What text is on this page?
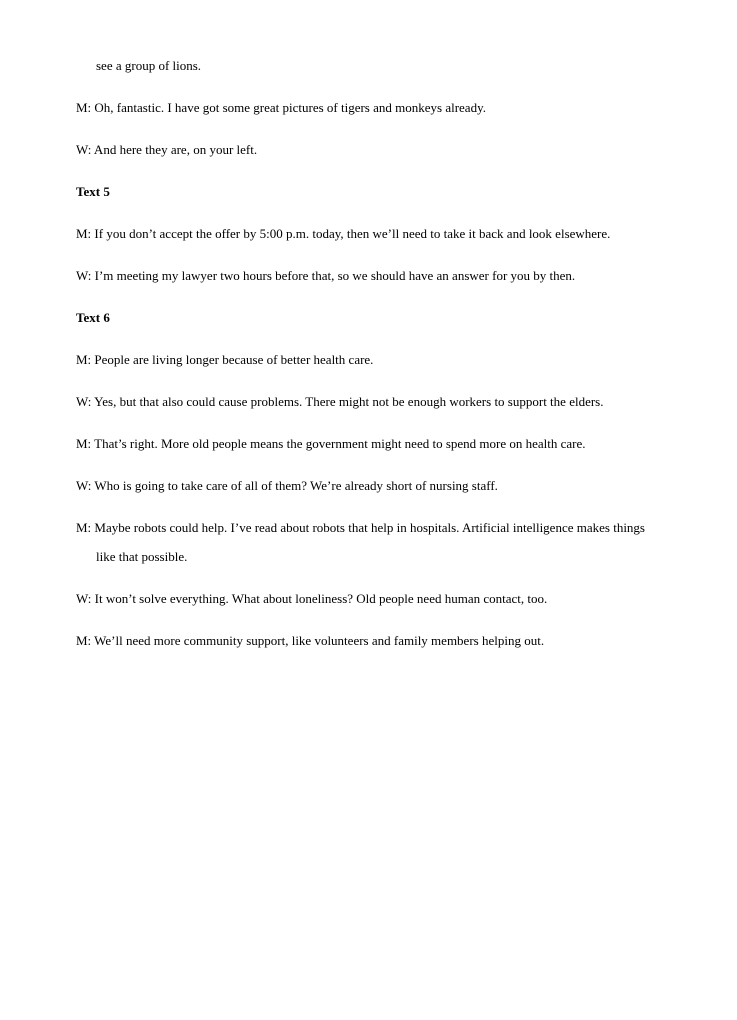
see a group of lions.

M: Oh, fantastic. I have got some great pictures of tigers and monkeys already.

W: And here they are, on your left.

Text 5

M: If you don’t accept the offer by 5:00 p.m. today, then we’ll need to take it back and look elsewhere.

W: I’m meeting my lawyer two hours before that, so we should have an answer for you by then.

Text 6

M: People are living longer because of better health care.

W: Yes, but that also could cause problems. There might not be enough workers to support the elders.

M: That’s right. More old people means the government might need to spend more on health care.

W: Who is going to take care of all of them? We’re already short of nursing staff.

M: Maybe robots could help. I’ve read about robots that help in hospitals. Artificial intelligence makes things

like that possible.

W: It won’t solve everything. What about loneliness? Old people need human contact, too.

M: We’ll need more community support, like volunteers and family members helping out.
